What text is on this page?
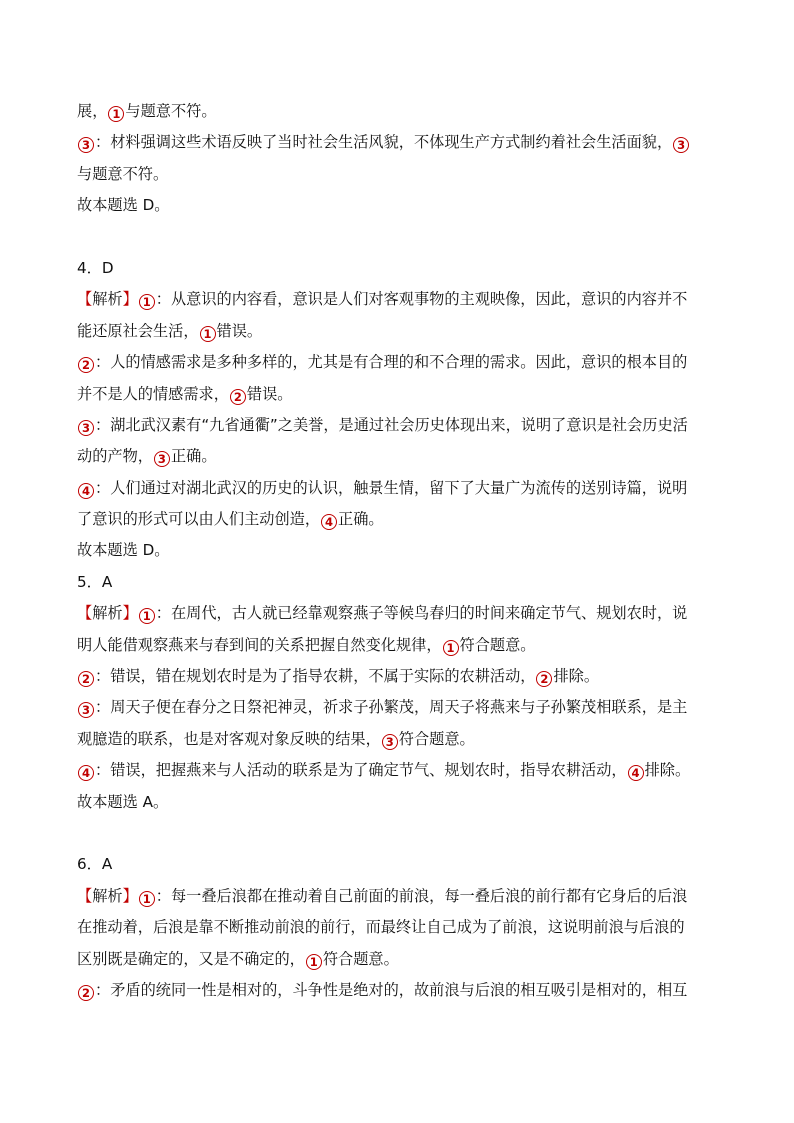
展， 1 与题意不符。
3 ：材料强调这些术语反映了当时社会生活风貌，不体现生产方式制约着社会生活面貌， 3
与题意不符。
故本题选 D。
4．D
【解析】 1 ：从意识的内容看，意识是人们对客观事物的主观映像，因此，意识的内容并不
能还原社会生活， 1 错误。
2 ：人的情感需求是多种多样的，尤其是有合理的和不合理的需求。因此，意识的根本目的
并不是人的情感需求， 2 错误。
3 ：湖北武汉素有“九省通衢”之美誉，是通过社会历史体现出来，说明了意识是社会历史活
动的产物， 3 正确。
4 ：人们通过对湖北武汉的历史的认识，触景生情，留下了大量广为流传的送别诗篇，说明
了意识的形式可以由人们主动创造， 4 正确。
故本题选 D。
5．A
【解析】 1 ：在周代，古人就已经靠观察燕子等候鸟春归的时间来确定节气、规划农时，说
明人能借观察燕来与春到间的关系把握自然变化规律， 1 符合题意。
2 ：错误，错在规划农时是为了指导农耕，不属于实际的农耕活动， 2 排除。
3 ：周天子便在春分之日祭祀神灵，祈求子孙繁茂，周天子将燕来与子孙繁茂相联系，是主
观臆造的联系，也是对客观对象反映的结果， 3 符合题意。
4 ：错误，把握燕来与人活动的联系是为了确定节气、规划农时，指导农耕活动， 4 排除。
故本题选 A。
6．A
【解析】 1 ：每一叠后浪都在推动着自己前面的前浪，每一叠后浪的前行都有它身后的后浪
在推动着，后浪是靠不断推动前浪的前行，而最终让自己成为了前浪，这说明前浪与后浪的
区别既是确定的，又是不确定的， 1 符合题意。
2 ：矛盾的统同一性是相对的，斗争性是绝对的，故前浪与后浪的相互吸引是相对的，相互
